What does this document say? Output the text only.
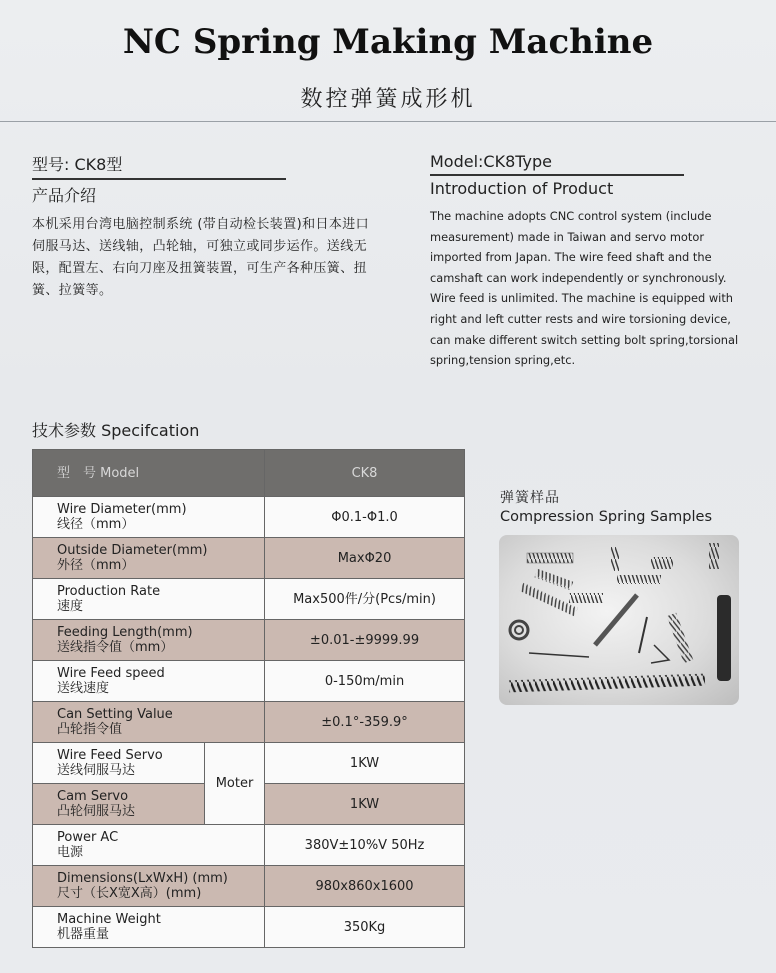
NC Spring Making Machine
数控弹簧成形机
型号: CK8型
产品介绍
本机采用台湾电脑控制系统 (带自动检长装置)和日本进口伺服马达、送线轴，凸轮轴，可独立或同步运作。送线无限，配置左、右向刀座及扭簧装置，可生产各种压簧、扭簧、拉簧等。
Model:CK8Type
Introduction of Product
The machine adopts CNC control system (include measurement) made in Taiwan and servo motor imported from Japan. The wire feed shaft and the camshaft can work independently or synchronously. Wire feed is unlimited. The machine is equipped with right and left cutter rests and wire torsioning device, can make different switch setting bolt spring,torsional spring,tension spring,etc.
技术参数 Specifcation
型　号 Model		CK8

Wire Diameter(mm)
线径（mm）		Φ0.1-Φ1.0

Outside Diameter(mm)
外径（mm）		MaxΦ20

Production Rate
速度		Max500件/分(Pcs/min)

Feeding Length(mm)
送线指令值（mm）		±0.01-±9999.99

Wire Feed speed
送线速度		0-150m/min

Can Setting Value
凸轮指令值		±0.1°-359.9°

Wire Feed Servo
送线伺服马达	Moter	1KW

Cam Servo
凸轮伺服马达		1KW

Power AC
电源		380V±10%V 50Hz

Dimensions(LxWxH) (mm)
尺寸（长X宽X高）(mm)		980x860x1600

Machine Weight
机器重量		350Kg
弹簧样品
Compression Spring Samples
